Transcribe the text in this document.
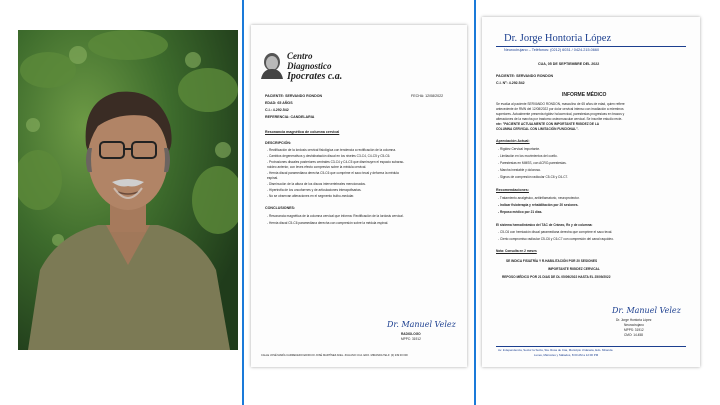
Centro
Diagnostico
Ipocrates c.a.
PACIENTE: SERVANDO RONDON	FECHA: 12/08/2022
EDAD: 65 AÑOS
C.I.: 4.292.542
REFERENCIA: CANDELARIA
Resonancia magnética de columna cervical
DESCRIPCIÓN:
- Rectificación de la lordosis cervical fisiológica con tendencia a rectificación de la columna.
- Cambios degenerativos y deshidratación discal en los niveles C3-C4, C4-C5 y C5-C6.
- Protrusiones discales posteriores centrales C3-C4 y C4-C5 que disminuyen el espacio subarac-
noideo anterior, con leves efecto compresivo sobre la médula cervical.
- Hernia discal paramediana derecha C5-C6 que comprime el saco tecal y deforma la médula
espinal.
- Disminución de la altura de los discos intervertebrales mencionados.
- Hipertrofia de los uncoforrnes y de articulaciones interapofisarias.
- No se observan alteraciones en el segmento bulbo-medular.
CONCLUSIONES:
- Resonancia magnética de la columna cervical que informa: Rectificación de la lordosis cervical.
- Hernia discal C5-C6 paramediana derecha con compresión sobre la médula espinal.
Dr. Manuel Velez
RADIOLOGO
MPPC: 31912
CALLE JOSÉ MARÍA CARRECEDO EDIFICIO JOSÉ MARTÍNEZ AVEL. ZULIANO CCA. EDO. MIRANDA TELF: (0) 239 00 000
Dr. Jorge Hontoria López
Neurocirujano – Teléfonos: (0212) 6031 / 0424.215.0660
CUA, 05 DE SEPTIEMBRE DEL 2022
PACIENTE: SERVANDO RONDON
C.I. Nº: 4.292.542
INFORME MÉDICO
Se evalúa al paciente SERVANDO RONDON, masculino de 65 años de edad, quien refiere
antecedente de RMN del 12/08/2022 por dolor cervical intenso con irradiación a miembros
superiores. Actualmente presenta rigidez holocervical, parestesias progresivas en brazos y
alteraciones de la marcha por trastorno osteomuscular cervical. Se inscribe estudio recie-
nte: "PACIENTE ACTUALMENTE CON IMPORTANTE RIGIDEZ DE LA
COLUMNA CERVICAL CON LIMITACIÓN FUNCIONAL".
Apreciación Actual:
- Rigidez Cervical Importante.
- Limitación en los movimientos del cuello.
- Parestesias en MMSS, con ACRO-parestesias.
- Marcha inestable y dolorosa.
- Signos de compresión radicular C5-C6 y C6-C7.
Recomendaciones:
- Tratamiento analgésico, antiinflamatorio, neuroprotector.
- Indicar fisioterapia y rehabilitación por 20 sesiones.
- Reposo médico por 21 días.
El sistema hemodinámico del TAC de Cráneo, Rx y de columna:
- C5-C6 con herniación discal paramediana derecha que comprime el saco tecal.
- Cierto compromiso radicular C5-C6 y C6-C7 con compresión del canal raquídeo.
Nota: Consulta en 2 meses
SE INDICA FISIATRÍA Y R.HABILITACIÓN POR 20 SESIONES
IMPORTANTE RIGIDEZ CERVICAL
REPOSO MÉDICO POR 21 DIAS DE DL 05/09/2022 HASTA EL 25/09/2022
Dr. Manuel Velez
Dr. Jorge Hontoria López
Neurocirujano
MPPS: 31912
CMO: 14.458
Av. Independencia, Sector la Suiza, Sta. Rosa de Cúa, Municipio Urdaneta, Edo. Miranda
Lunes, Miércoles y Sábados, 8:00 AM a 12:00 PM
